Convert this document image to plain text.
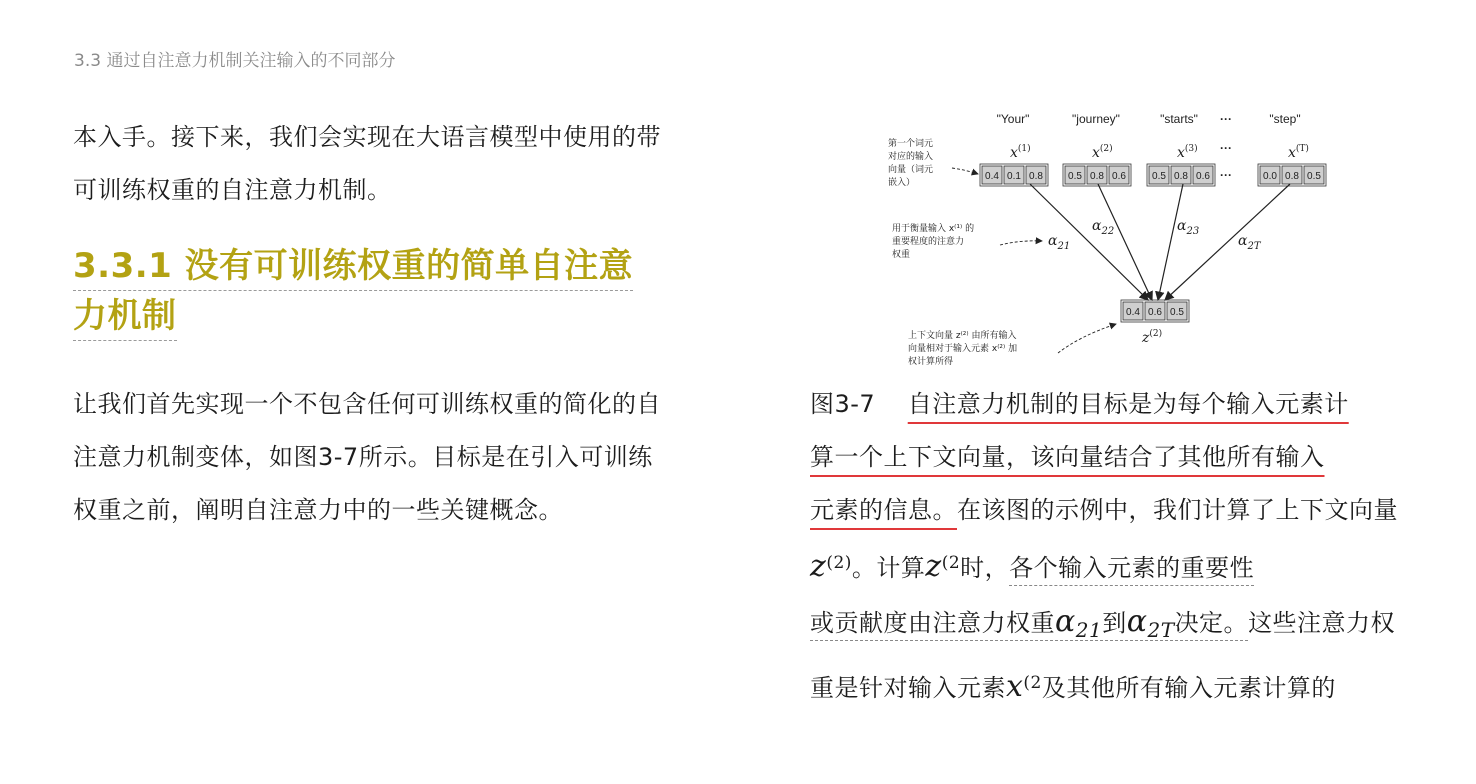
3.3 通过自注意力机制关注输入的不同部分

本入手。接下来，我们会实现在大语言模型中使用的带可训练权重的自注意力机制。

3.3.1 没有可训练权重的简单自注意
力机制

让我们首先实现一个不包含任何可训练权重的简化的自注意力机制变体，如图3-7所示。目标是在引入可训练权重之前，阐明自注意力中的一些关键概念。

"Your"	"journey"	"starts"	"step"
···
···
···
$x^{(1)}$	$x^{(2)}$	$x^{(3)}$	$x^{(T)}$
0.4 0.1 0.8	0.5 0.8 0.6	0.5 0.8 0.6	0.0 0.8 0.5
$\alpha_{21}$
$\alpha_{22}$	$\alpha_{23}$
$\alpha_{2T}$
0.4 0.6 0.5
$z^{(2)}$
第一个词元
对应的输入
向量（词元
嵌入）
用于衡量输入 x⁽¹⁾ 的
重要程度的注意力
权重
上下文向量 z⁽²⁾ 由所有输入
向量相对于输入元素 x⁽²⁾ 加
权计算所得

图3-7 自注意力机制的目标是为每个输入元素计
算一个上下文向量，该向量结合了其他所有输入
元素的信息。在该图的示例中，我们计算了上下文向量$z^{(2)}$。计算$z^{(2}$时，各个输入元素的重要性
或贡献度由注意力权重$\alpha_{21}$到$\alpha_{2T}$决定。这些注意力权重是针对输入元素$x^{(2}$及其他所有输入元素计算的
